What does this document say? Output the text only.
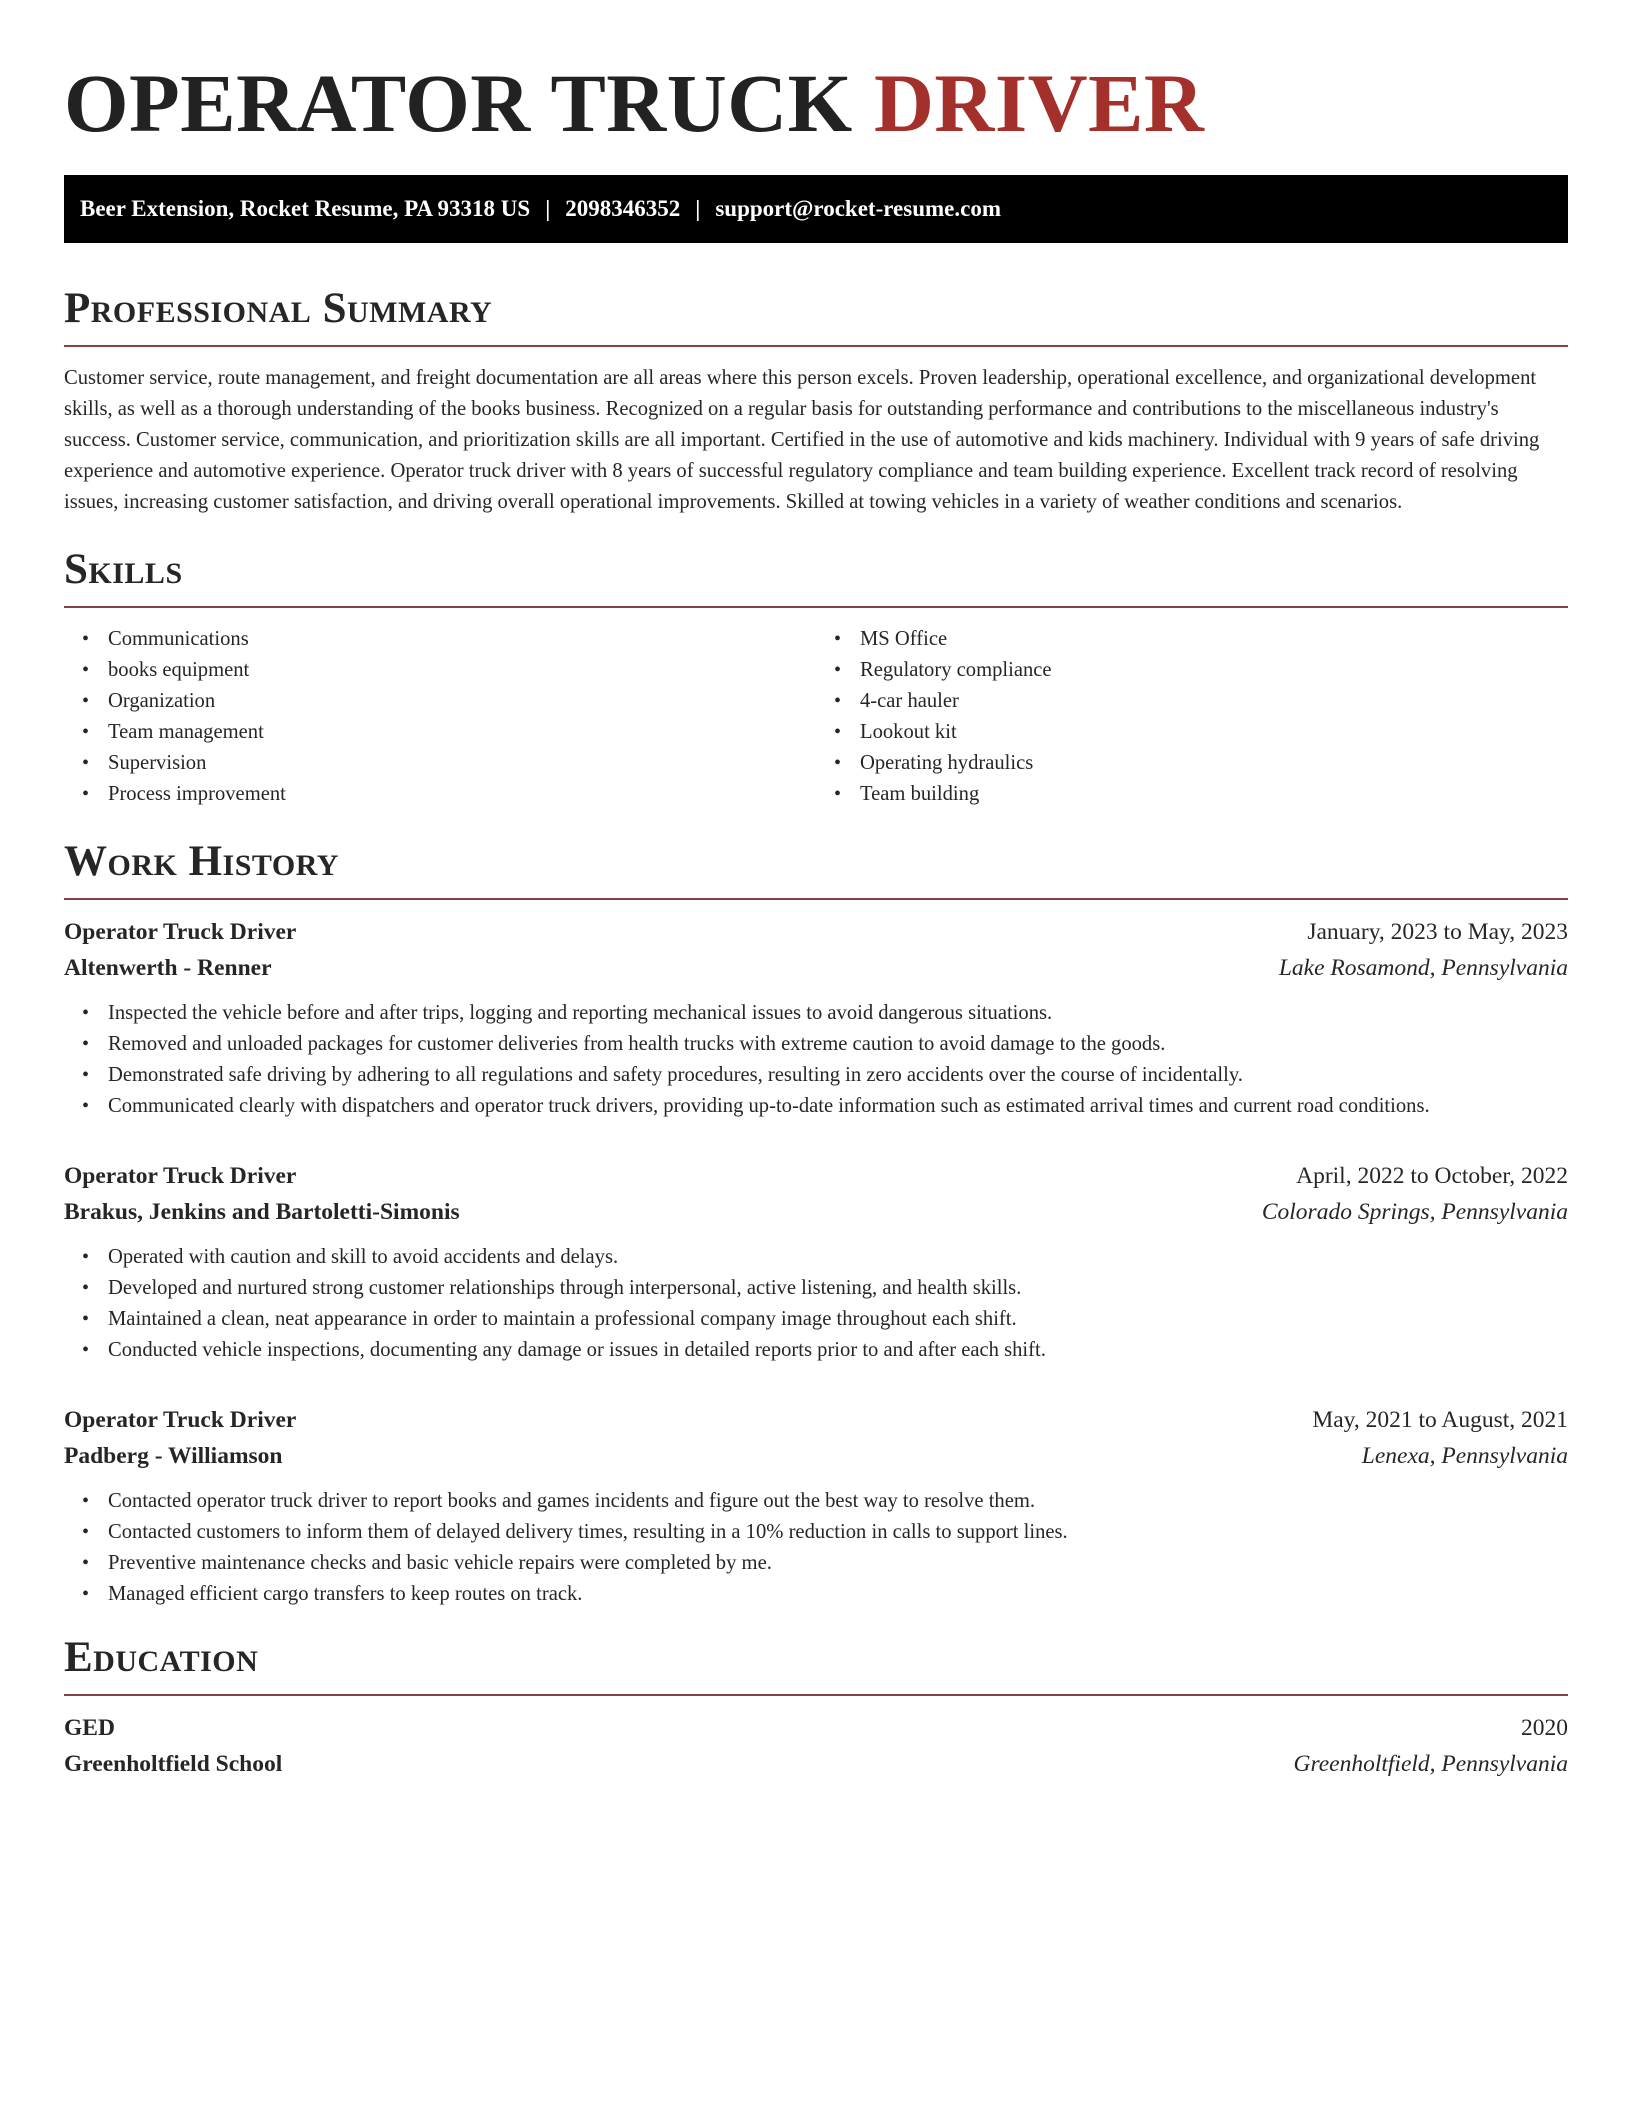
OPERATOR TRUCK DRIVER
Beer Extension, Rocket Resume, PA 93318 US | 2098346352 | support@rocket-resume.com
Professional Summary

Customer service, route management, and freight documentation are all areas where this person excels. Proven leadership, operational excellence, and organizational development skills, as well as a thorough understanding of the books business. Recognized on a regular basis for outstanding performance and contributions to the miscellaneous industry's success. Customer service, communication, and prioritization skills are all important. Certified in the use of automotive and kids machinery. Individual with 9 years of safe driving experience and automotive experience. Operator truck driver with 8 years of successful regulatory compliance and team building experience. Excellent track record of resolving issues, increasing customer satisfaction, and driving overall operational improvements. Skilled at towing vehicles in a variety of weather conditions and scenarios.

Skills
• Communications
• books equipment
• Organization
• Team management
• Supervision
• Process improvement
• MS Office
• Regulatory compliance
• 4-car hauler
• Lookout kit
• Operating hydraulics
• Team building
Work History
Operator Truck Driver	January, 2023 to May, 2023
Altenwerth - Renner	Lake Rosamond, Pennsylvania
• Inspected the vehicle before and after trips, logging and reporting mechanical issues to avoid dangerous situations.
• Removed and unloaded packages for customer deliveries from health trucks with extreme caution to avoid damage to the goods.
• Demonstrated safe driving by adhering to all regulations and safety procedures, resulting in zero accidents over the course of incidentally.
• Communicated clearly with dispatchers and operator truck drivers, providing up-to-date information such as estimated arrival times and current road conditions.
Operator Truck Driver	April, 2022 to October, 2022
Brakus, Jenkins and Bartoletti-Simonis	Colorado Springs, Pennsylvania
• Operated with caution and skill to avoid accidents and delays.
• Developed and nurtured strong customer relationships through interpersonal, active listening, and health skills.
• Maintained a clean, neat appearance in order to maintain a professional company image throughout each shift.
• Conducted vehicle inspections, documenting any damage or issues in detailed reports prior to and after each shift.
Operator Truck Driver	May, 2021 to August, 2021
Padberg - Williamson	Lenexa, Pennsylvania
• Contacted operator truck driver to report books and games incidents and figure out the best way to resolve them.
• Contacted customers to inform them of delayed delivery times, resulting in a 10% reduction in calls to support lines.
• Preventive maintenance checks and basic vehicle repairs were completed by me.
• Managed efficient cargo transfers to keep routes on track.
Education
GED	2020
Greenholtfield School	Greenholtfield, Pennsylvania
